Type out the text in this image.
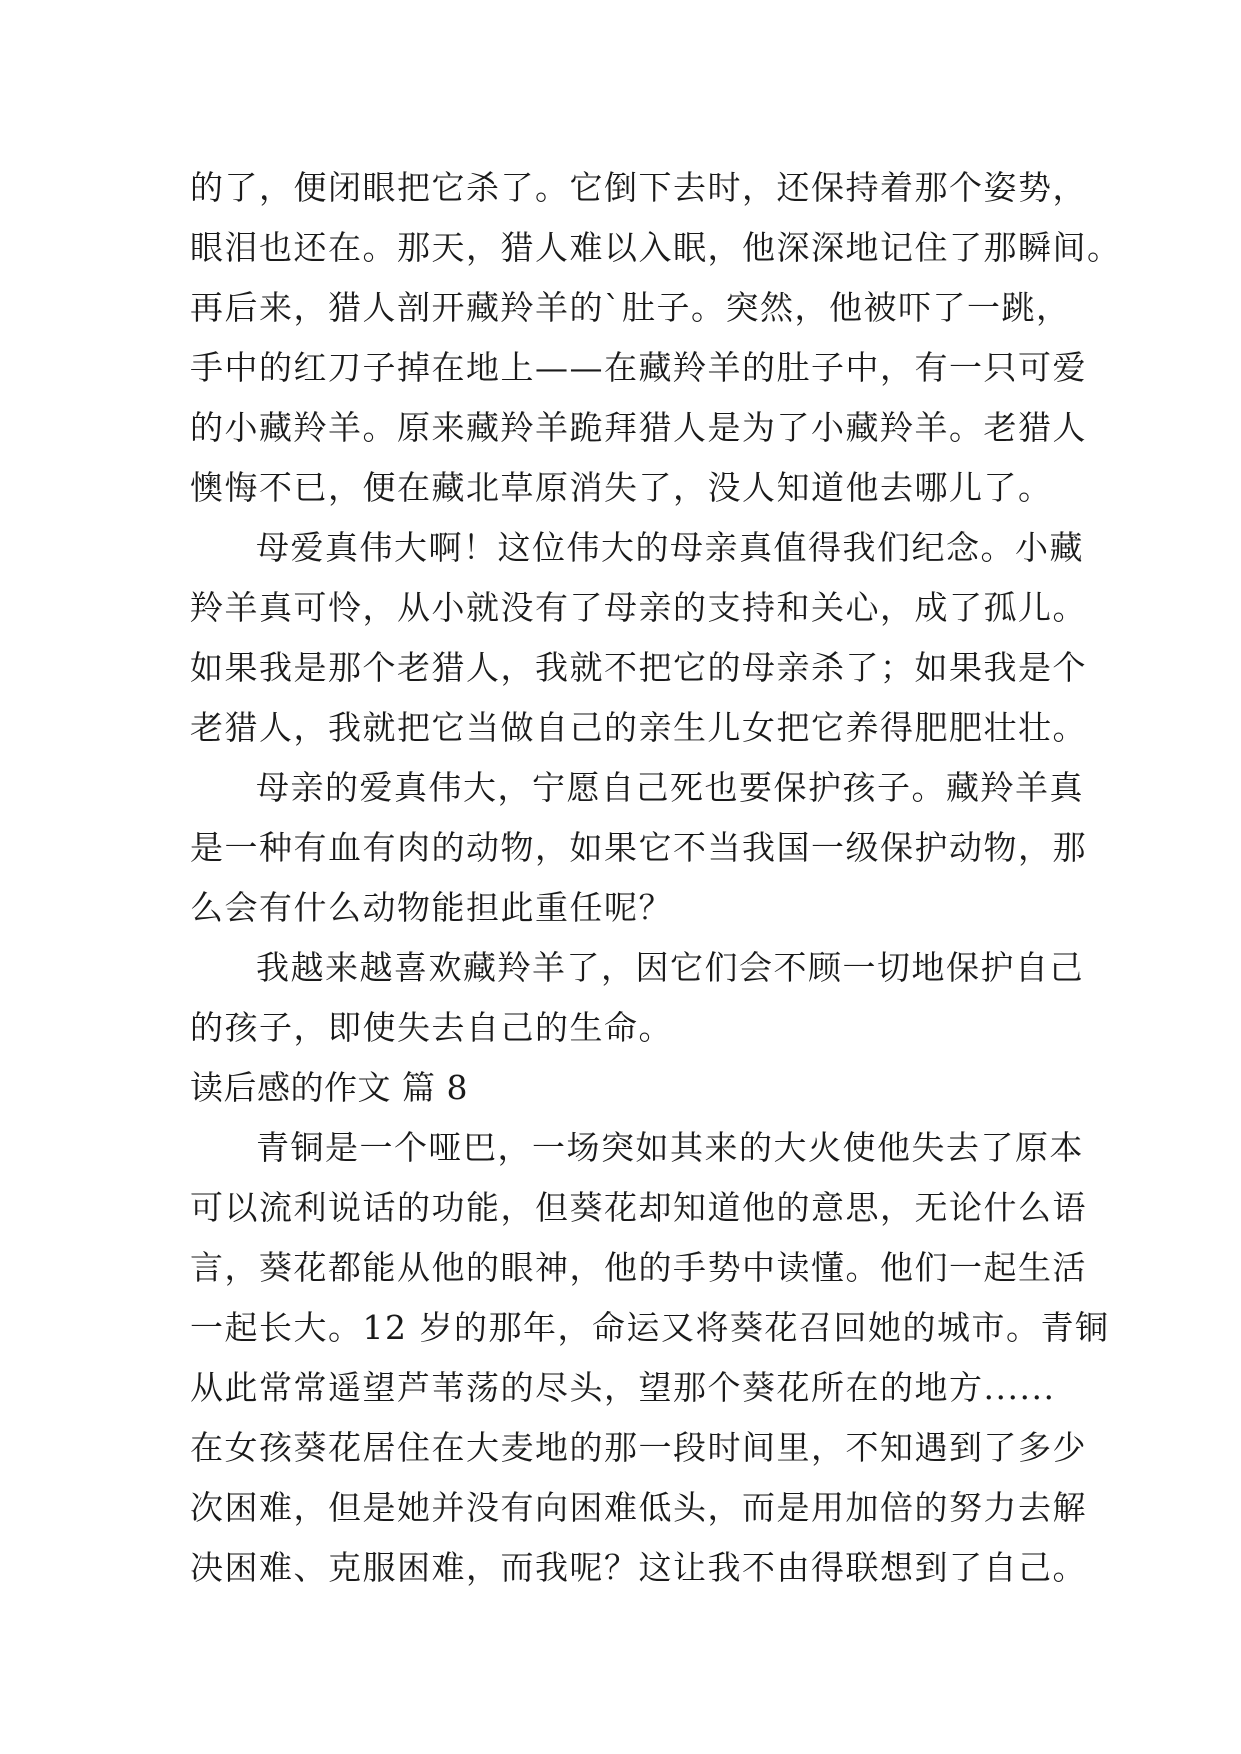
的了，便闭眼把它杀了。它倒下去时，还保持着那个姿势，
眼泪也还在。那天，猎人难以入眠，他深深地记住了那瞬间。
再后来，猎人剖开藏羚羊的`肚子。突然，他被吓了一跳，
手中的红刀子掉在地上——在藏羚羊的肚子中，有一只可爱
的小藏羚羊。原来藏羚羊跪拜猎人是为了小藏羚羊。老猎人
懊悔不已，便在藏北草原消失了，没人知道他去哪儿了。
母爱真伟大啊！这位伟大的母亲真值得我们纪念。小藏
羚羊真可怜，从小就没有了母亲的支持和关心，成了孤儿。
如果我是那个老猎人，我就不把它的母亲杀了；如果我是个
老猎人，我就把它当做自己的亲生儿女把它养得肥肥壮壮。
母亲的爱真伟大，宁愿自己死也要保护孩子。藏羚羊真
是一种有血有肉的动物，如果它不当我国一级保护动物，那
么会有什么动物能担此重任呢？
我越来越喜欢藏羚羊了，因它们会不顾一切地保护自己
的孩子，即使失去自己的生命。
读后感的作文 篇 8
青铜是一个哑巴，一场突如其来的大火使他失去了原本
可以流利说话的功能，但葵花却知道他的意思，无论什么语
言，葵花都能从他的眼神，他的手势中读懂。他们一起生活
一起长大。12 岁的那年，命运又将葵花召回她的城市。青铜
从此常常遥望芦苇荡的尽头，望那个葵花所在的地方......
在女孩葵花居住在大麦地的那一段时间里，不知遇到了多少
次困难，但是她并没有向困难低头，而是用加倍的努力去解
决困难、克服困难，而我呢？这让我不由得联想到了自己。
